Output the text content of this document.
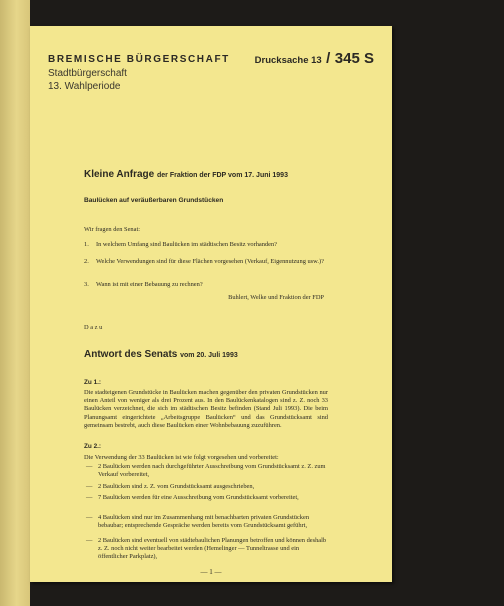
BREMISCHE BÜRGERSCHAFT	Drucksache 13 / 345 S
Stadtbürgerschaft
13. Wahlperiode
Kleine Anfrage der Fraktion der FDP vom 17. Juni 1993
Baulücken auf veräußerbaren Grundstücken
Wir fragen den Senat:
1. In welchem Umfang sind Baulücken im städtischen Besitz vorhanden?
2. Welche Verwendungen sind für diese Flächen vorgesehen (Verkauf, Eigennutzung usw.)?
3. Wann ist mit einer Bebauung zu rechnen?
Buhlert, Welke und Fraktion der FDP
D a z u
Antwort des Senats vom 20. Juli 1993
Zu 1.:
Die stadteigenen Grundstücke in Baulücken machen gegenüber den privaten Grundstücken nur einen Anteil von weniger als drei Prozent aus. In den Baulückenkatalogen sind z. Z. noch 33 Baulücken verzeichnet, die sich im städtischen Besitz befinden (Stand Juli 1993). Die beim Planungsamt eingerichtete „Arbeitsgruppe Baulücken“ und das Grundstücksamt sind gemeinsam bestrebt, auch diese Baulücken einer Wohnbebauung zuzuführen.
Zu 2.:
Die Verwendung der 33 Baulücken ist wie folgt vorgesehen und vorbereitet:
— 2 Baulücken werden nach durchgeführter Ausschreibung vom Grundstücksamt z. Z. zum Verkauf vorbereitet,
— 2 Baulücken sind z. Z. vom Grundstücksamt ausgeschrieben,
— 7 Baulücken werden für eine Ausschreibung vom Grundstücksamt vorbereitet,
— 4 Baulücken sind nur im Zusammenhang mit benachbarten privaten Grundstücken bebaubar; entsprechende Gespräche werden bereits vom Grundstücksamt geführt,
— 2 Baulücken sind eventuell von städtebaulichen Planungen betroffen und können deshalb z. Z. noch nicht weiter bearbeitet werden (Hemelinger — Tunneltrasse und ein öffentlicher Parkplatz),
— 1 —
